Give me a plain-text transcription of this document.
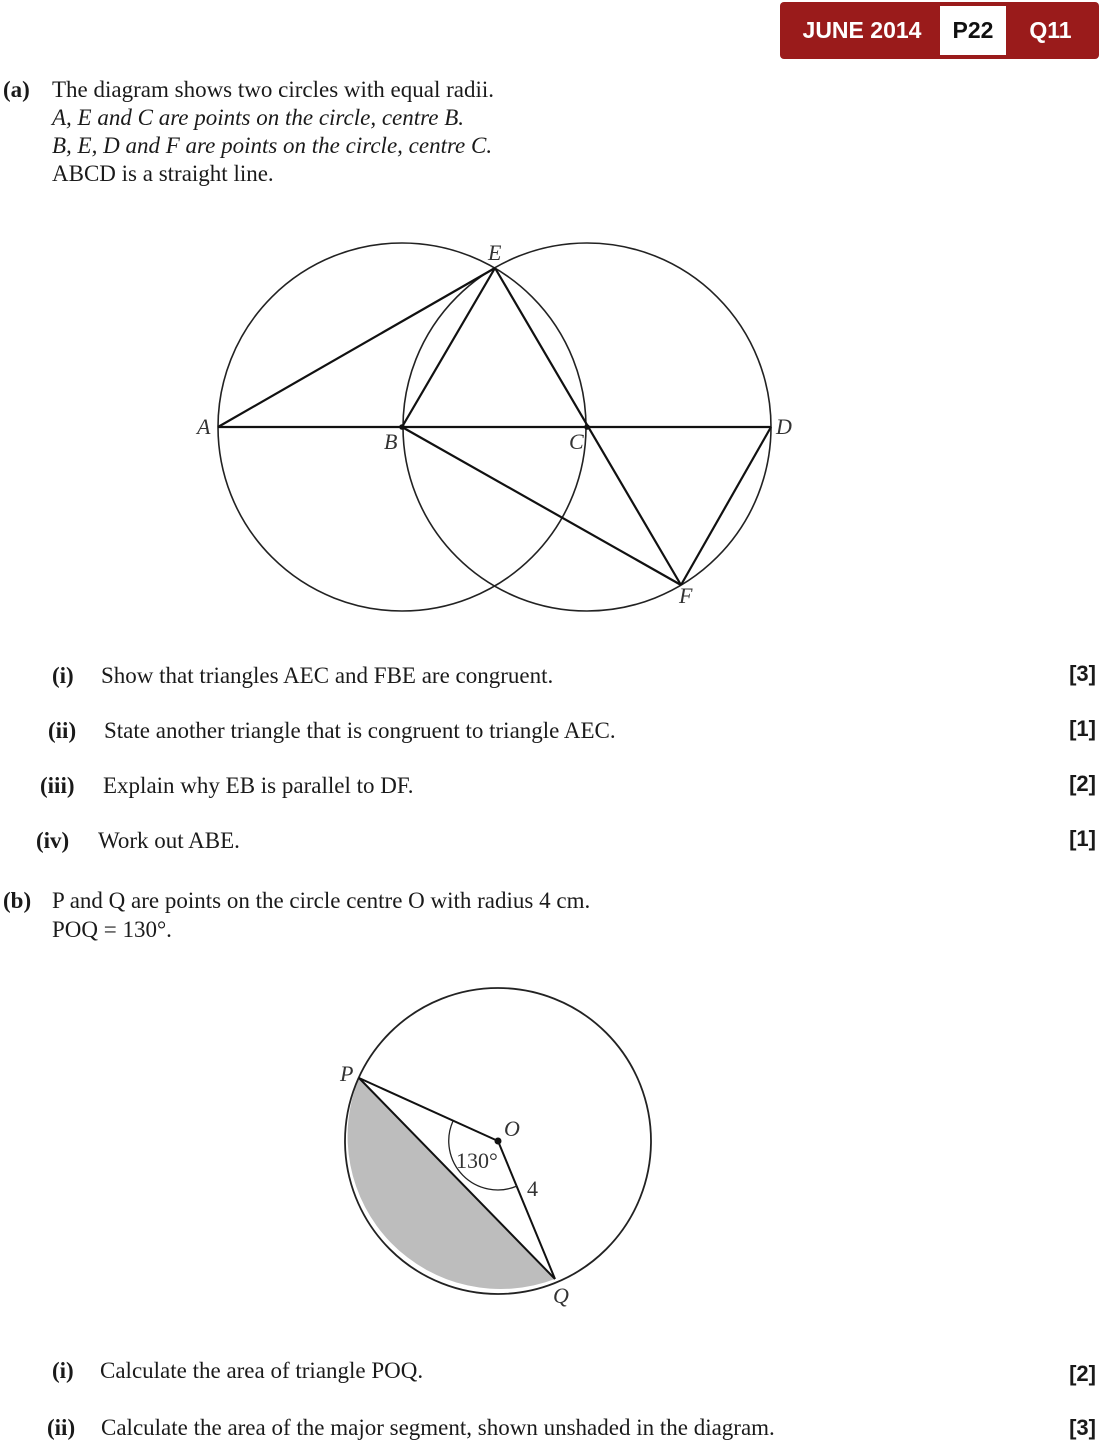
JUNE 2014	P22	Q11
(a) The diagram shows two circles with equal radii.
A, E and C are points on the circle, centre B.
B, E, D and F are points on the circle, centre C.
ABCD is a straight line.
E
A
B	C
D
F
P
O
Q
130°
4
(i) Show that triangles AEC and FBE are congruent.	[3]
(ii) State another triangle that is congruent to triangle AEC.	[1]
(iii) Explain why EB is parallel to DF.	[2]
(iv) Work out ABE.	[1]
(b) P and Q are points on the circle centre O with radius 4 cm.
POQ = 130°.
(i) Calculate the area of triangle POQ.	[2]
(ii) Calculate the area of the major segment, shown unshaded in the diagram.	[3]
